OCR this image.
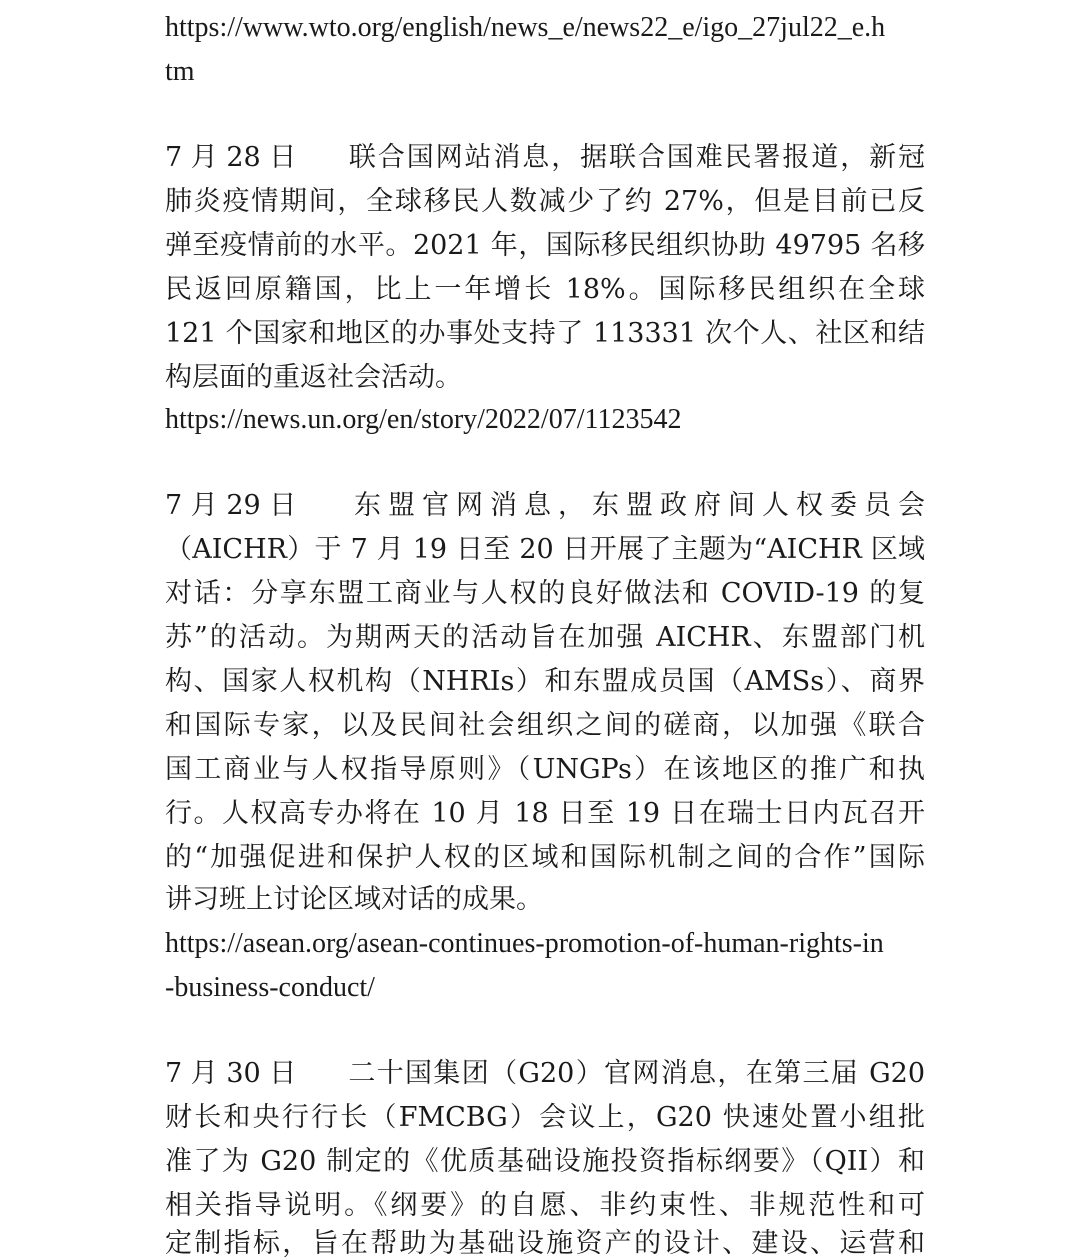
https://www.wto.org/english/news_e/news22_e/igo_27jul22_e.h
tm
7 月 28 日 联合国网站消息，据联合国难民署报道，新冠
肺炎疫情期间，全球移民人数减少了约 27%，但是目前已反
弹至疫情前的水平。2021 年，国际移民组织协助 49795 名移
民返回原籍国，比上一年增长 18%。国际移民组织在全球
121 个国家和地区的办事处支持了 113331 次个人、社区和结
构层面的重返社会活动。
https://news.un.org/en/story/2022/07/1123542
7 月 29 日 东盟官网消息，东盟政府间人权委员会
（AICHR）于 7 月 19 日至 20 日开展了主题为“AICHR 区域
对话：分享东盟工商业与人权的良好做法和 COVID-19 的复
苏”的活动。为期两天的活动旨在加强 AICHR、东盟部门机
构、国家人权机构（NHRIs）和东盟成员国（AMSs）、商界
和国际专家，以及民间社会组织之间的磋商，以加强《联合
国工商业与人权指导原则》（UNGPs）在该地区的推广和执
行。人权高专办将在 10 月 18 日至 19 日在瑞士日内瓦召开
的“加强促进和保护人权的区域和国际机制之间的合作”国际
讲习班上讨论区域对话的成果。
https://asean.org/asean-continues-promotion-of-human-rights-in
-business-conduct/
7 月 30 日 二十国集团（G20）官网消息，在第三届 G20
财长和央行行长（FMCBG）会议上，G20 快速处置小组批
准了为 G20 制定的《优质基础设施投资指标纲要》（QII）和
相关指导说明。《纲要》的自愿、非约束性、非规范性和可
定制指标，旨在帮助为基础设施资产的设计、建设、运营和
